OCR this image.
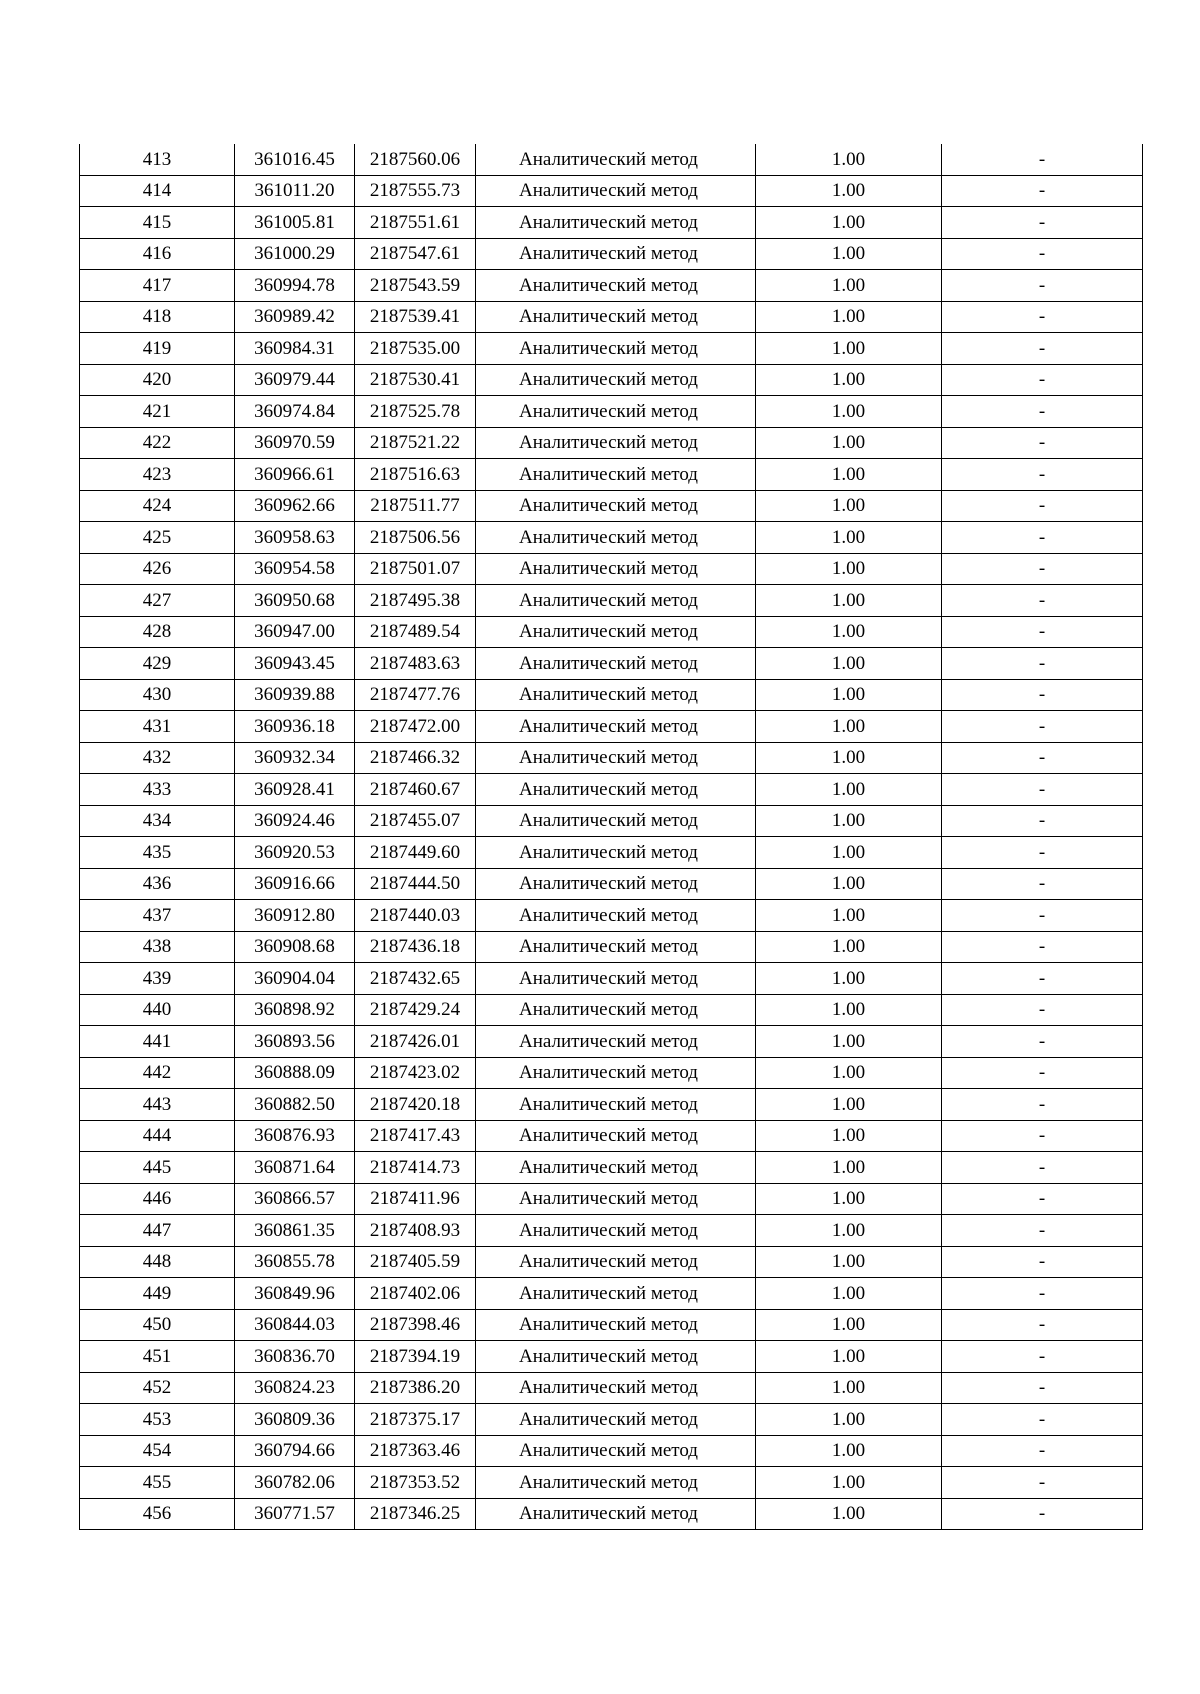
413	361016.45	2187560.06	Аналитический метод	1.00	-
414	361011.20	2187555.73	Аналитический метод	1.00	-
415	361005.81	2187551.61	Аналитический метод	1.00	-
416	361000.29	2187547.61	Аналитический метод	1.00	-
417	360994.78	2187543.59	Аналитический метод	1.00	-
418	360989.42	2187539.41	Аналитический метод	1.00	-
419	360984.31	2187535.00	Аналитический метод	1.00	-
420	360979.44	2187530.41	Аналитический метод	1.00	-
421	360974.84	2187525.78	Аналитический метод	1.00	-
422	360970.59	2187521.22	Аналитический метод	1.00	-
423	360966.61	2187516.63	Аналитический метод	1.00	-
424	360962.66	2187511.77	Аналитический метод	1.00	-
425	360958.63	2187506.56	Аналитический метод	1.00	-
426	360954.58	2187501.07	Аналитический метод	1.00	-
427	360950.68	2187495.38	Аналитический метод	1.00	-
428	360947.00	2187489.54	Аналитический метод	1.00	-
429	360943.45	2187483.63	Аналитический метод	1.00	-
430	360939.88	2187477.76	Аналитический метод	1.00	-
431	360936.18	2187472.00	Аналитический метод	1.00	-
432	360932.34	2187466.32	Аналитический метод	1.00	-
433	360928.41	2187460.67	Аналитический метод	1.00	-
434	360924.46	2187455.07	Аналитический метод	1.00	-
435	360920.53	2187449.60	Аналитический метод	1.00	-
436	360916.66	2187444.50	Аналитический метод	1.00	-
437	360912.80	2187440.03	Аналитический метод	1.00	-
438	360908.68	2187436.18	Аналитический метод	1.00	-
439	360904.04	2187432.65	Аналитический метод	1.00	-
440	360898.92	2187429.24	Аналитический метод	1.00	-
441	360893.56	2187426.01	Аналитический метод	1.00	-
442	360888.09	2187423.02	Аналитический метод	1.00	-
443	360882.50	2187420.18	Аналитический метод	1.00	-
444	360876.93	2187417.43	Аналитический метод	1.00	-
445	360871.64	2187414.73	Аналитический метод	1.00	-
446	360866.57	2187411.96	Аналитический метод	1.00	-
447	360861.35	2187408.93	Аналитический метод	1.00	-
448	360855.78	2187405.59	Аналитический метод	1.00	-
449	360849.96	2187402.06	Аналитический метод	1.00	-
450	360844.03	2187398.46	Аналитический метод	1.00	-
451	360836.70	2187394.19	Аналитический метод	1.00	-
452	360824.23	2187386.20	Аналитический метод	1.00	-
453	360809.36	2187375.17	Аналитический метод	1.00	-
454	360794.66	2187363.46	Аналитический метод	1.00	-
455	360782.06	2187353.52	Аналитический метод	1.00	-
456	360771.57	2187346.25	Аналитический метод	1.00	-
